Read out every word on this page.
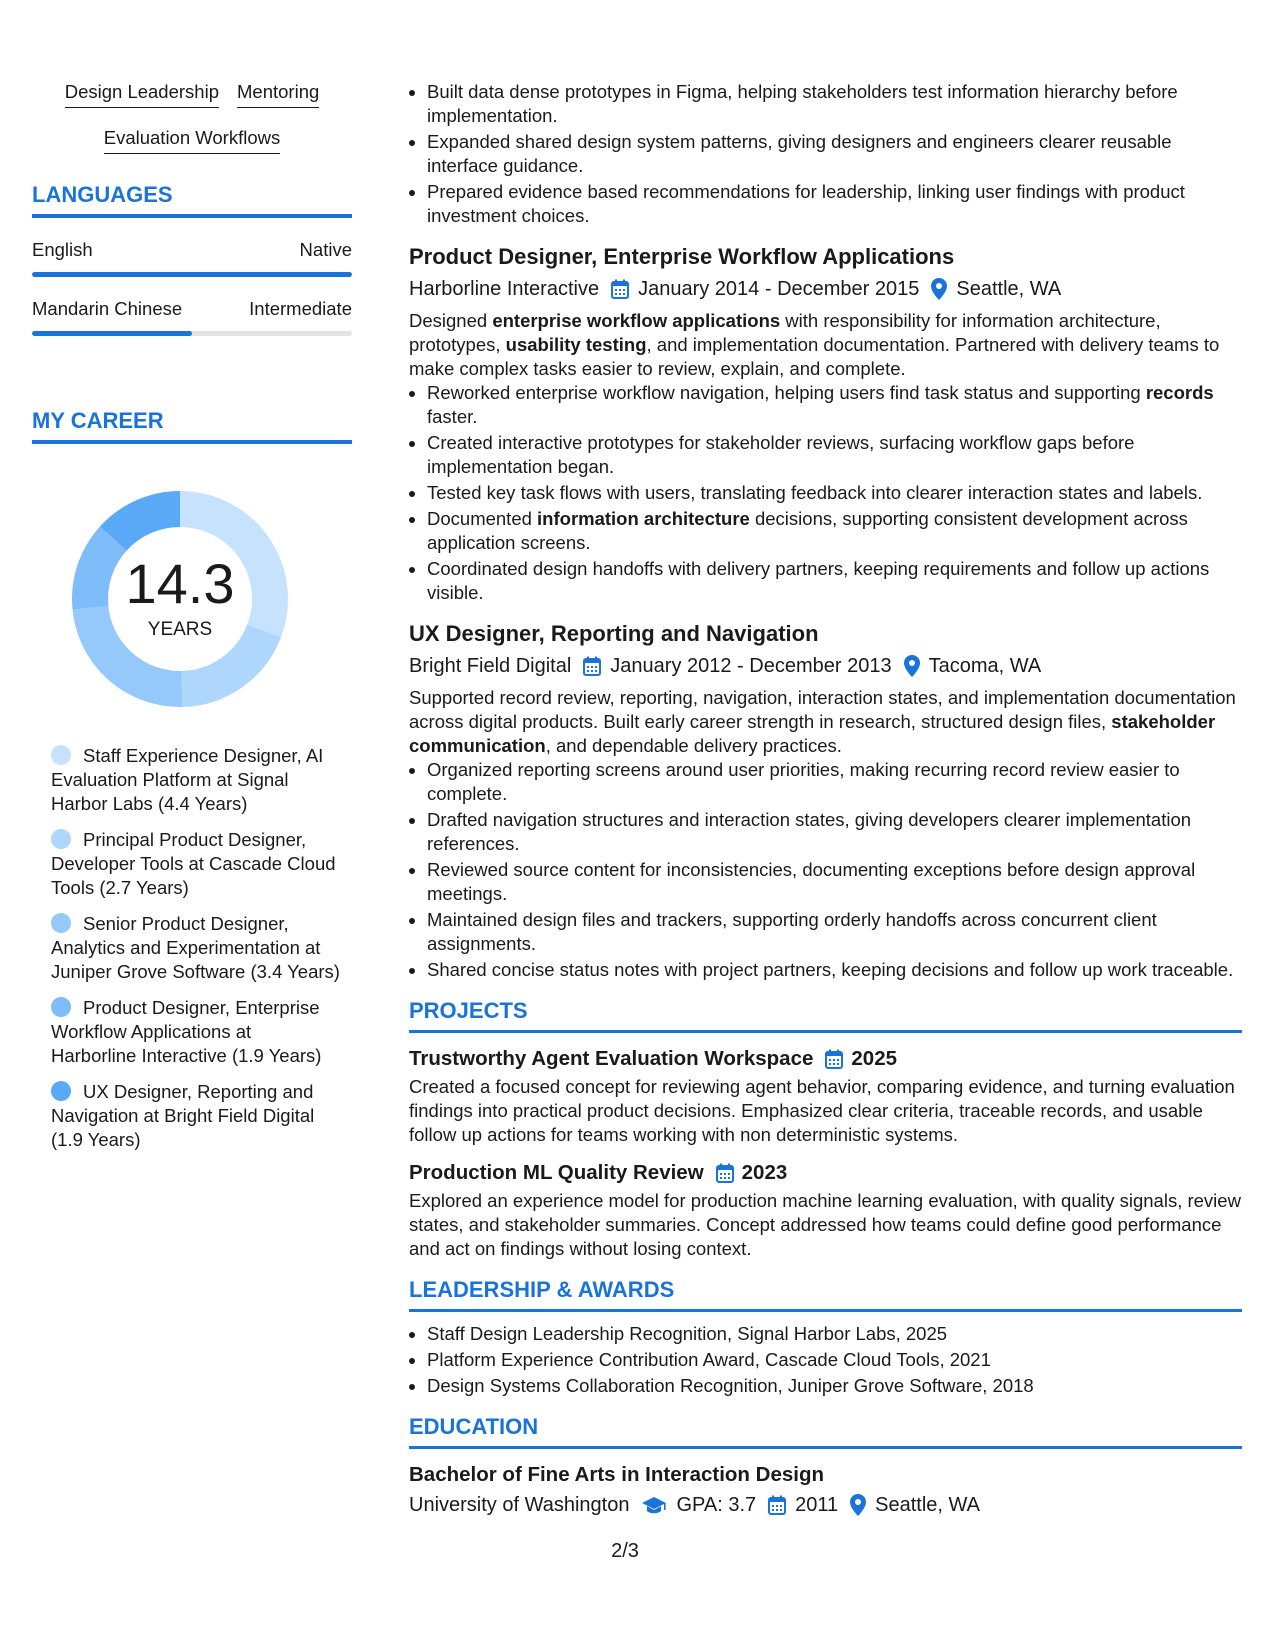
Design Leadership Mentoring
Evaluation Workflows
LANGUAGES
English	Native
Mandarin Chinese	Intermediate
MY CAREER
14.3
YEARS
Staff Experience Designer, AI Evaluation Platform at Signal Harbor Labs (4.4 Years)
Principal Product Designer, Developer Tools at Cascade Cloud Tools (2.7 Years)
Senior Product Designer, Analytics and Experimentation at Juniper Grove Software (3.4 Years)
Product Designer, Enterprise Workflow Applications at Harborline Interactive (1.9 Years)
UX Designer, Reporting and Navigation at Bright Field Digital (1.9 Years)
• Built data dense prototypes in Figma, helping stakeholders test information hierarchy before implementation.
• Expanded shared design system patterns, giving designers and engineers clearer reusable interface guidance.
• Prepared evidence based recommendations for leadership, linking user findings with product investment choices.
Product Designer, Enterprise Workflow Applications
Harborline Interactive January 2014 - December 2015 Seattle, WA
Designed enterprise workflow applications with responsibility for information architecture, prototypes, usability testing, and implementation documentation. Partnered with delivery teams to make complex tasks easier to review, explain, and complete.
• Reworked enterprise workflow navigation, helping users find task status and supporting records faster.
• Created interactive prototypes for stakeholder reviews, surfacing workflow gaps before implementation began.
• Tested key task flows with users, translating feedback into clearer interaction states and labels.
• Documented information architecture decisions, supporting consistent development across application screens.
• Coordinated design handoffs with delivery partners, keeping requirements and follow up actions visible.
UX Designer, Reporting and Navigation
Bright Field Digital January 2012 - December 2013 Tacoma, WA
Supported record review, reporting, navigation, interaction states, and implementation documentation across digital products. Built early career strength in research, structured design files, stakeholder communication, and dependable delivery practices.
• Organized reporting screens around user priorities, making recurring record review easier to complete.
• Drafted navigation structures and interaction states, giving developers clearer implementation references.
• Reviewed source content for inconsistencies, documenting exceptions before design approval meetings.
• Maintained design files and trackers, supporting orderly handoffs across concurrent client assignments.
• Shared concise status notes with project partners, keeping decisions and follow up work traceable.
PROJECTS
Trustworthy Agent Evaluation Workspace 2025
Created a focused concept for reviewing agent behavior, comparing evidence, and turning evaluation findings into practical product decisions. Emphasized clear criteria, traceable records, and usable follow up actions for teams working with non deterministic systems.
Production ML Quality Review 2023
Explored an experience model for production machine learning evaluation, with quality signals, review states, and stakeholder summaries. Concept addressed how teams could define good performance and act on findings without losing context.
LEADERSHIP & AWARDS
• Staff Design Leadership Recognition, Signal Harbor Labs, 2025
• Platform Experience Contribution Award, Cascade Cloud Tools, 2021
• Design Systems Collaboration Recognition, Juniper Grove Software, 2018
EDUCATION
Bachelor of Fine Arts in Interaction Design
University of Washington GPA: 3.7 2011 Seattle, WA
2/3
